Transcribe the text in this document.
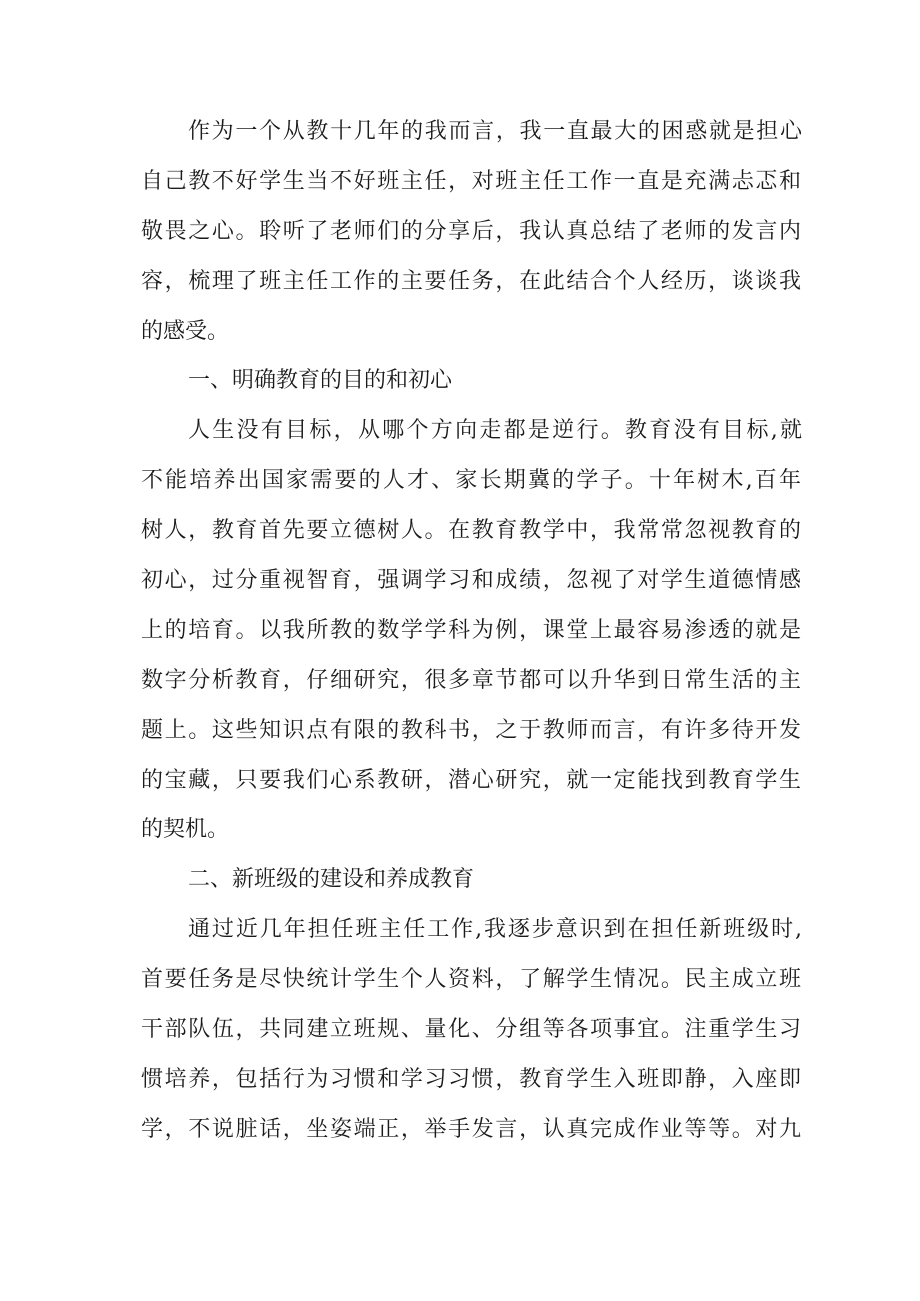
作为一个从教十几年的我而言，我一直最大的困惑就是担心
自己教不好学生当不好班主任，对班主任工作一直是充满忐忑和
敬畏之心。聆听了老师们的分享后，我认真总结了老师的发言内
容，梳理了班主任工作的主要任务，在此结合个人经历，谈谈我
的感受。
一、明确教育的目的和初心
人生没有目标，从哪个方向走都是逆行。教育没有目标,就
不能培养出国家需要的人才、家长期冀的学子。十年树木,百年
树人，教育首先要立德树人。在教育教学中，我常常忽视教育的
初心，过分重视智育，强调学习和成绩，忽视了对学生道德情感
上的培育。以我所教的数学学科为例，课堂上最容易渗透的就是
数字分析教育，仔细研究，很多章节都可以升华到日常生活的主
题上。这些知识点有限的教科书，之于教师而言，有许多待开发
的宝藏，只要我们心系教研，潜心研究，就一定能找到教育学生
的契机。
二、新班级的建设和养成教育
通过近几年担任班主任工作,我逐步意识到在担任新班级时,
首要任务是尽快统计学生个人资料，了解学生情况。民主成立班
干部队伍，共同建立班规、量化、分组等各项事宜。注重学生习
惯培养，包括行为习惯和学习习惯，教育学生入班即静，入座即
学，不说脏话，坐姿端正，举手发言，认真完成作业等等。对九
